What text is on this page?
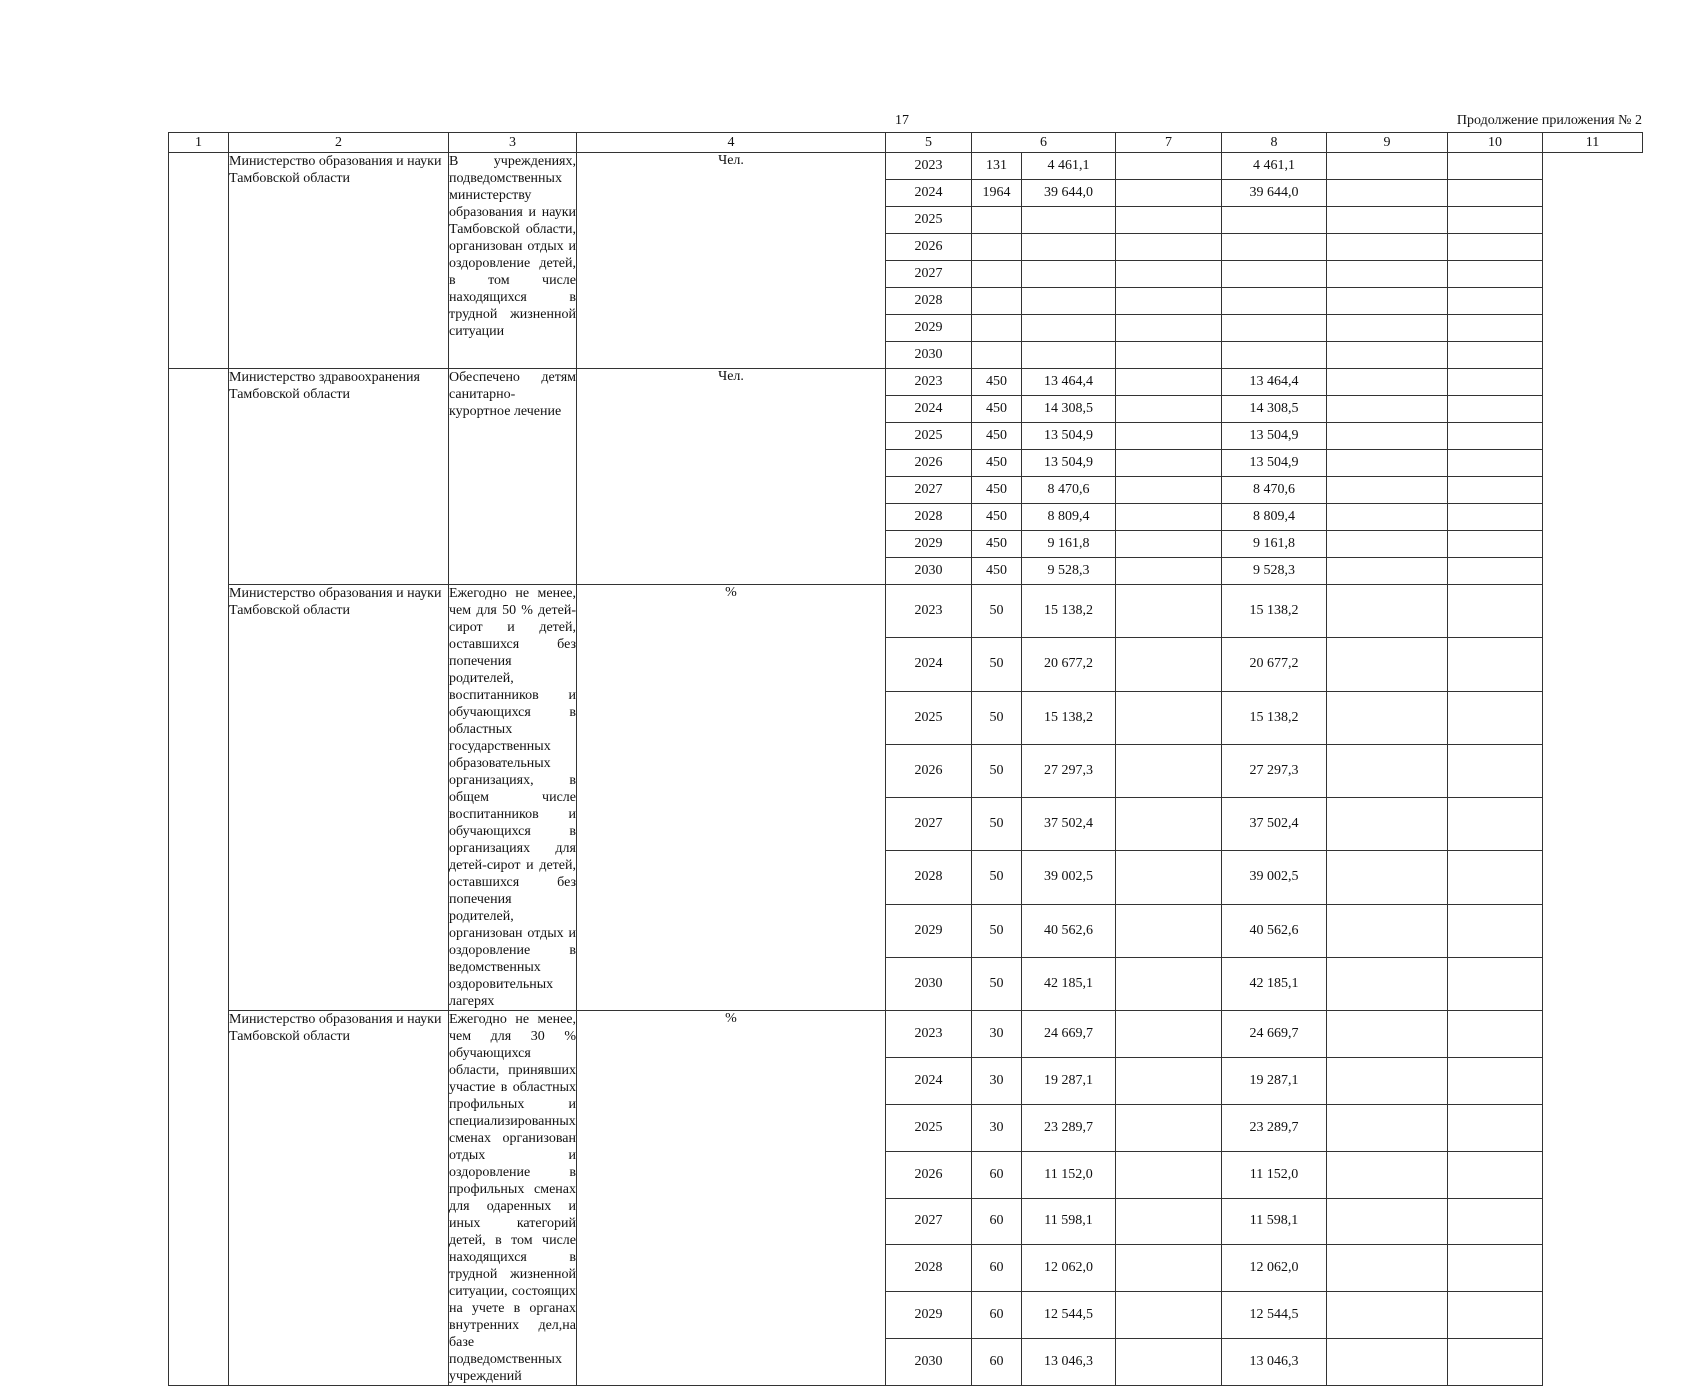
17	Продолжение приложения № 2
1	2	3	4	5	6		7	8	9	10	11
	Министерство образования и науки Тамбовской области	В учреждениях, подведомственных министерству образования и науки Тамбовской области, организован отдых и оздоровление детей, в том числе находящихся в трудной жизненной ситуации	Чел.	2023	131	4 461,1		4 461,1			
				2024	1964	39 644,0		39 644,0			
				2025							
				2026							
				2027							
				2028							
				2029							
				2030							
	Министерство здравоохранения Тамбовской области	Обеспечено детям санитарно-курортное лечение	Чел.	2023	450	13 464,4		13 464,4			
				2024	450	14 308,5		14 308,5			
				2025	450	13 504,9		13 504,9			
				2026	450	13 504,9		13 504,9			
				2027	450	8 470,6		8 470,6			
				2028	450	8 809,4		8 809,4			
				2029	450	9 161,8		9 161,8			
				2030	450	9 528,3		9 528,3			
	Министерство образования и науки Тамбовской области	Ежегодно не менее, чем для 50 % детей-сирот и детей, оставшихся без попечения родителей, воспитанников и обучающихся в областных государственных образовательных организациях, в общем числе воспитанников и обучающихся в организациях для детей-сирот и детей, оставшихся без попечения родителей, организован отдых и оздоровление в ведомственных оздоровительных лагерях	%	2023	50	15 138,2		15 138,2			
				2024	50	20 677,2		20 677,2			
				2025	50	15 138,2		15 138,2			
				2026	50	27 297,3		27 297,3			
				2027	50	37 502,4		37 502,4			
				2028	50	39 002,5		39 002,5			
				2029	50	40 562,6		40 562,6			
				2030	50	42 185,1		42 185,1			
	Министерство образования и науки Тамбовской области	Ежегодно не менее, чем для 30 % обучающихся области, принявших участие в областных профильных и специализированных сменах организован отдых и оздоровление в профильных сменах для одаренных и иных категорий детей, в том числе находящихся в трудной жизненной ситуации, состоящих на учете в органах внутренних дел,на базе подведомственных учреждений	%	2023	30	24 669,7		24 669,7			
				2024	30	19 287,1		19 287,1			
				2025	30	23 289,7		23 289,7			
				2026	60	11 152,0		11 152,0			
				2027	60	11 598,1		11 598,1			
				2028	60	12 062,0		12 062,0			
				2029	60	12 544,5		12 544,5			
				2030	60	13 046,3		13 046,3			
